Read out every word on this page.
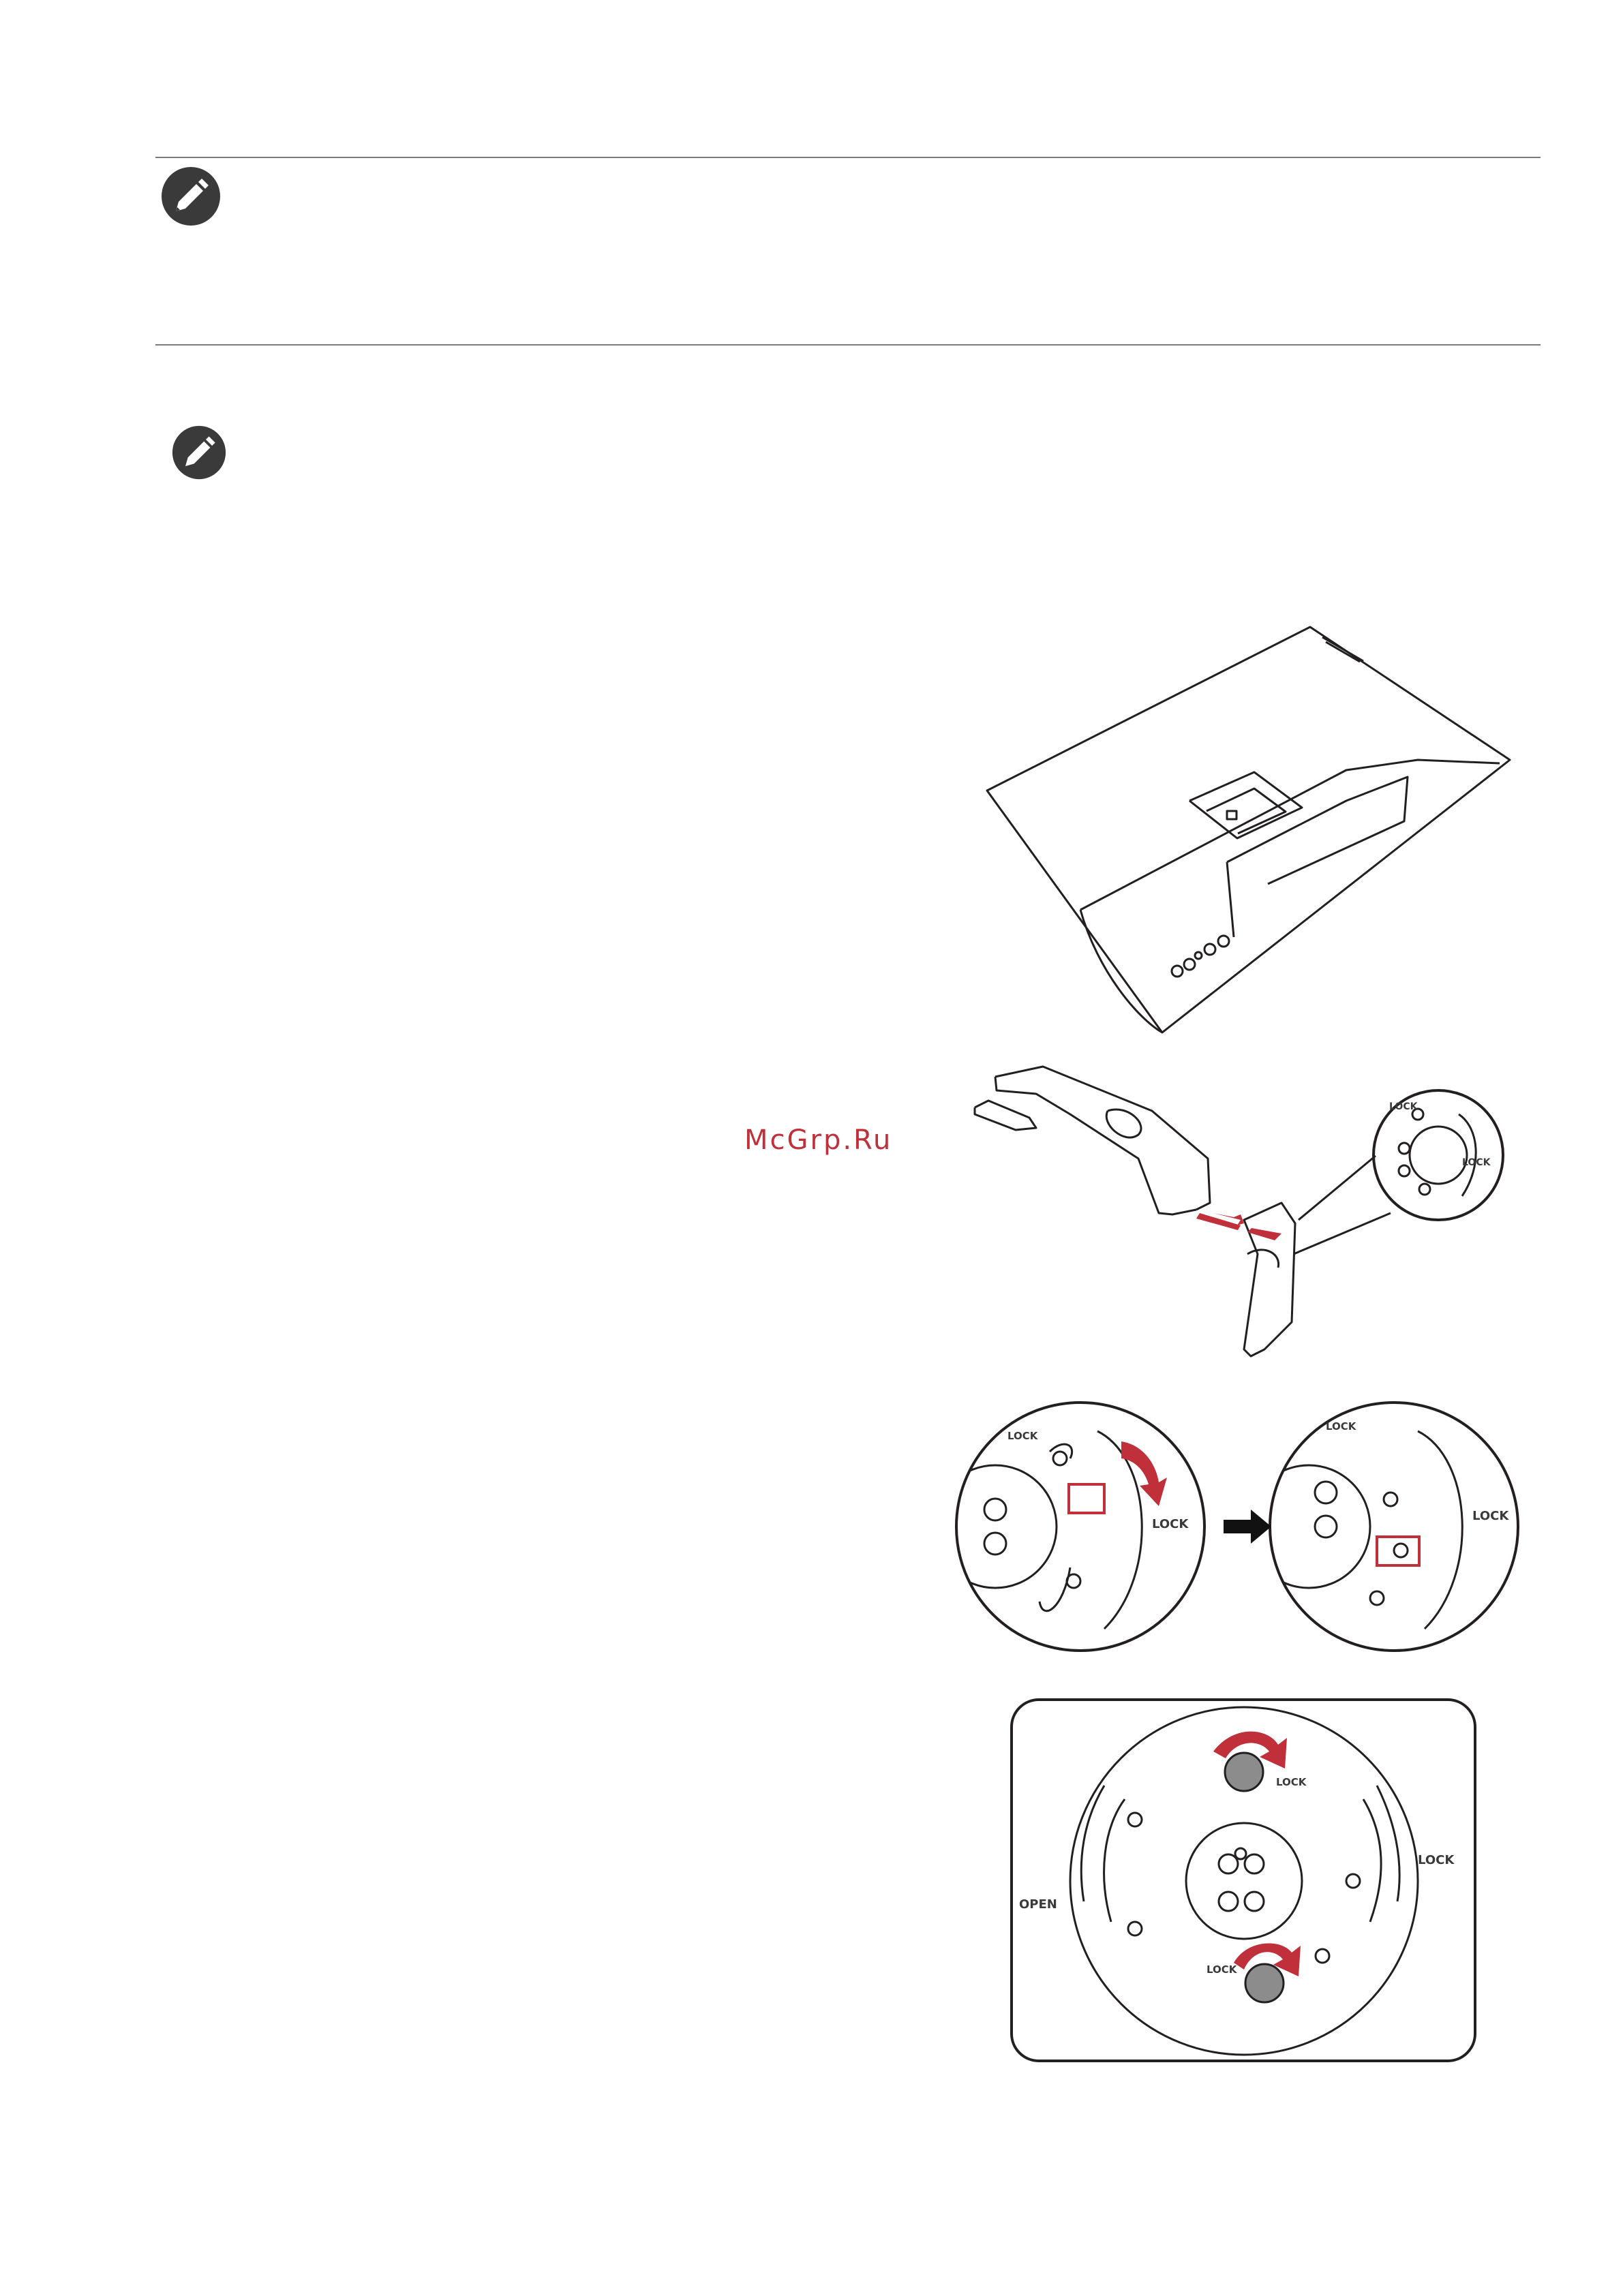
McGrp.Ru
LOCK
LOCK
LOCK
LOCK
LOCK
LOCK
LOCK
LOCK
LOCK
OPEN
